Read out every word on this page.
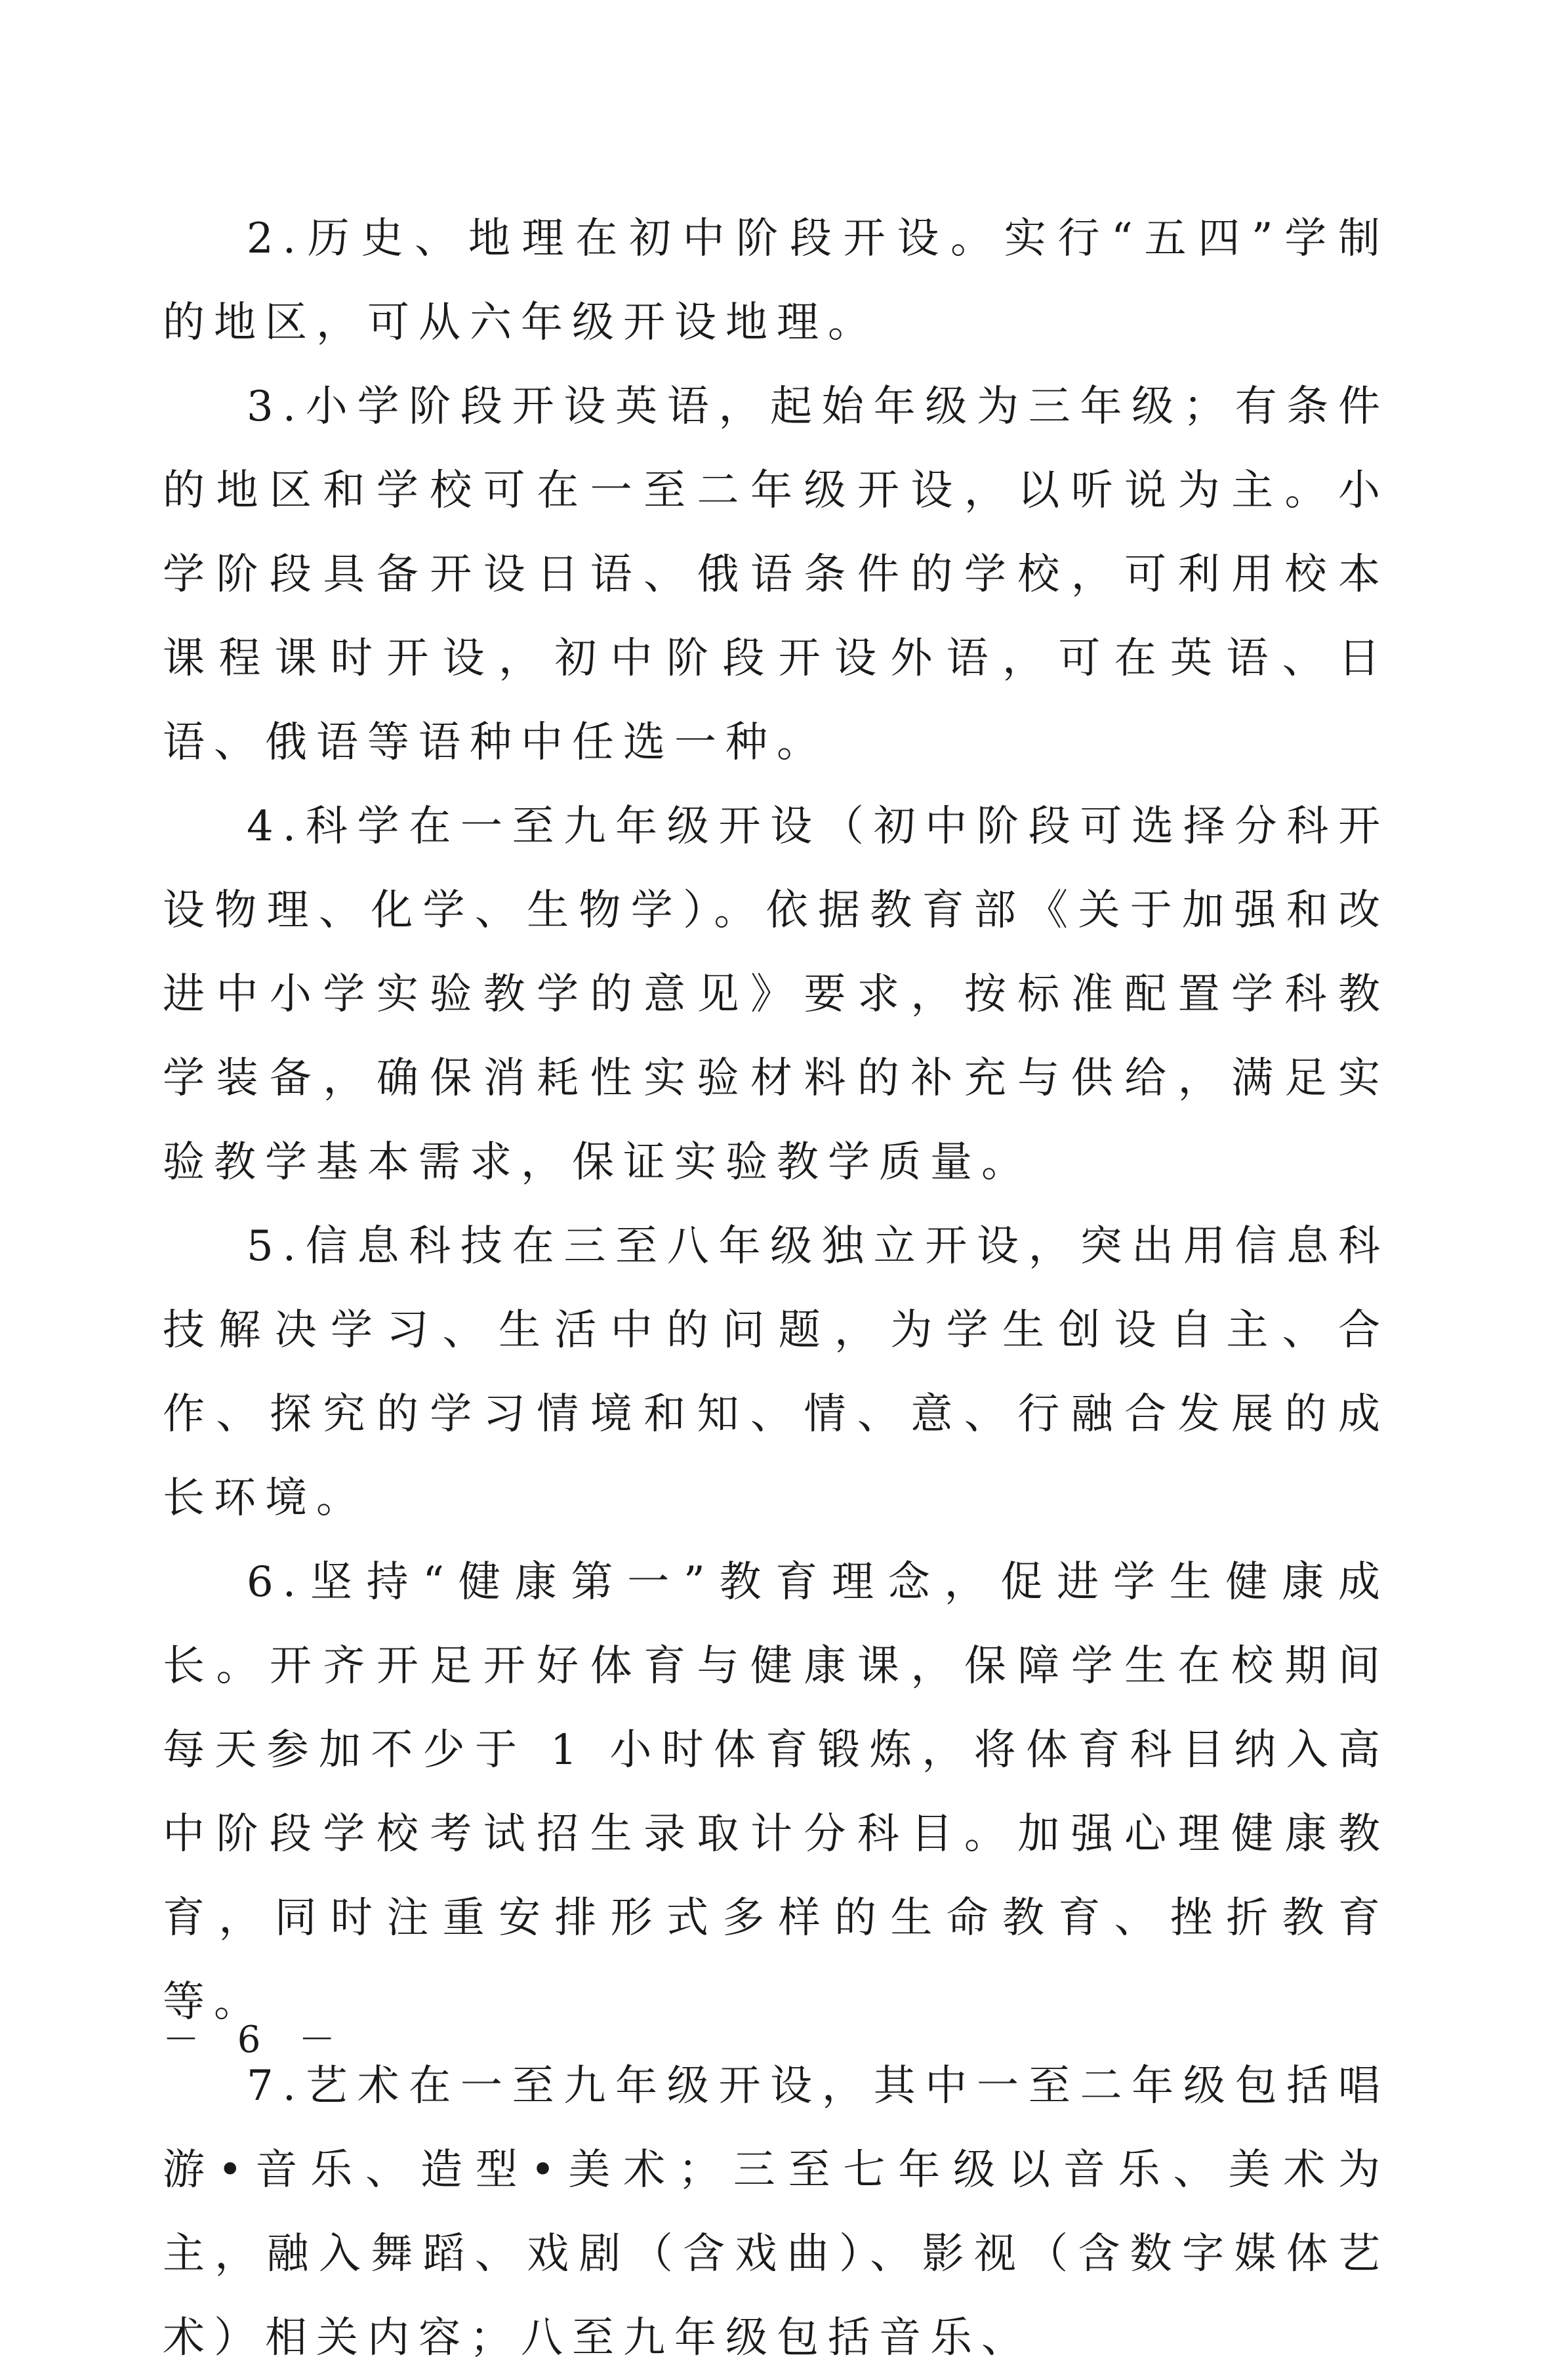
2.历史、地理在初中阶段开设。实行“五四”学制的地区，可从六年级开设地理。

3.小学阶段开设英语，起始年级为三年级；有条件的地区和学校可在一至二年级开设，以听说为主。小学阶段具备开设日语、俄语条件的学校，可利用校本课程课时开设，初中阶段开设外语，可在英语、日语、俄语等语种中任选一种。

4.科学在一至九年级开设（初中阶段可选择分科开设物理、化学、生物学）。依据教育部《关于加强和改进中小学实验教学的意见》要求，按标准配置学科教学装备，确保消耗性实验材料的补充与供给，满足实验教学基本需求，保证实验教学质量。

5.信息科技在三至八年级独立开设，突出用信息科技解决学习、生活中的问题，为学生创设自主、合作、探究的学习情境和知、情、意、行融合发展的成长环境。

6.坚持“健康第一”教育理念，促进学生健康成长。开齐开足开好体育与健康课，保障学生在校期间每天参加不少于 1 小时体育锻炼，将体育科目纳入高中阶段学校考试招生录取计分科目。加强心理健康教育，同时注重安排形式多样的生命教育、挫折教育等。

7.艺术在一至九年级开设，其中一至二年级包括唱游•音乐、造型•美术；三至七年级以音乐、美术为主，融入舞蹈、戏剧（含戏曲）、影视（含数字媒体艺术）相关内容；八至九年级包括音乐、

－ 6 －
